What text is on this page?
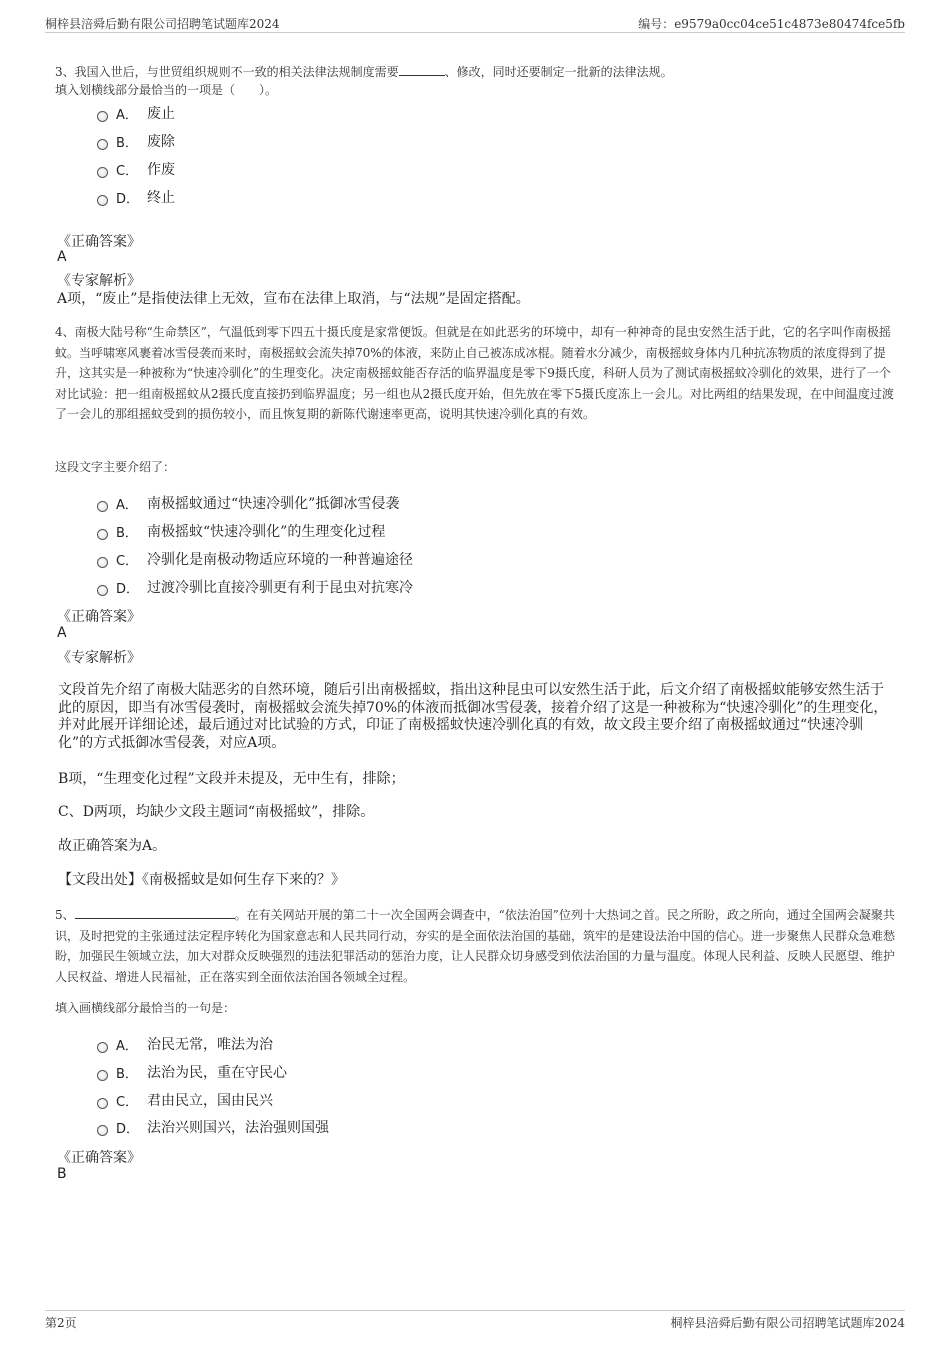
桐梓县涪舜后勤有限公司招聘笔试题库2024	编号：e9579a0cc04ce51c4873e80474fce5fb
3、我国入世后，与世贸组织规则不一致的相关法律法规制度需要	、修改，同时还要制定一批新的法律法规。
填入划横线部分最恰当的一项是（　　）。
A． 废止
B． 废除
C． 作废
D． 终止
《正确答案》
A
《专家解析》
A项，“废止”是指使法律上无效，宣布在法律上取消，与“法规”是固定搭配。
4、南极大陆号称“生命禁区”，气温低到零下四五十摄氏度是家常便饭。但就是在如此恶劣的环境中，却有一种神奇的昆虫安然生活于此，它的名字叫作南极摇蚊。当呼啸寒风裹着冰雪侵袭而来时，南极摇蚊会流失掉70%的体液，来防止自己被冻成冰棍。随着水分减少，南极摇蚊身体内几种抗冻物质的浓度得到了提升，这其实是一种被称为“快速冷驯化”的生理变化。决定南极摇蚊能否存活的临界温度是零下9摄氏度，科研人员为了测试南极摇蚊冷驯化的效果，进行了一个对比试验：把一组南极摇蚊从2摄氏度直接扔到临界温度；另一组也从2摄氏度开始，但先放在零下5摄氏度冻上一会儿。对比两组的结果发现，在中间温度过渡了一会儿的那组摇蚊受到的损伤较小，而且恢复期的新陈代谢速率更高，说明其快速冷驯化真的有效。
这段文字主要介绍了：
A． 南极摇蚊通过“快速冷驯化”抵御冰雪侵袭
B． 南极摇蚊“快速冷驯化”的生理变化过程
C． 冷驯化是南极动物适应环境的一种普遍途径
D． 过渡冷驯比直接冷驯更有利于昆虫对抗寒冷
《正确答案》
A
《专家解析》
文段首先介绍了南极大陆恶劣的自然环境，随后引出南极摇蚊，指出这种昆虫可以安然生活于此，后文介绍了南极摇蚊能够安然生活于此的原因，即当有冰雪侵袭时，南极摇蚊会流失掉70%的体液而抵御冰雪侵袭，接着介绍了这是一种被称为“快速冷驯化”的生理变化，并对此展开详细论述，最后通过对比试验的方式，印证了南极摇蚊快速冷驯化真的有效，故文段主要介绍了南极摇蚊通过“快速冷驯化”的方式抵御冰雪侵袭，对应A项。
B项，“生理变化过程”文段并未提及，无中生有，排除；
C、D两项，均缺少文段主题词“南极摇蚊”，排除。
故正确答案为A。
【文段出处】《南极摇蚊是如何生存下来的？》
5、	。在有关网站开展的第二十一次全国两会调查中，“依法治国”位列十大热词之首。民之所盼，政之所向，通过全国两会凝聚共识，及时把党的主张通过法定程序转化为国家意志和人民共同行动，夯实的是全面依法治国的基础，筑牢的是建设法治中国的信心。进一步聚焦人民群众急难愁盼，加强民生领域立法，加大对群众反映强烈的违法犯罪活动的惩治力度，让人民群众切身感受到依法治国的力量与温度。体现人民利益、反映人民愿望、维护人民权益、增进人民福祉，正在落实到全面依法治国各领域全过程。
填入画横线部分最恰当的一句是：
A． 治民无常，唯法为治
B． 法治为民，重在守民心
C． 君由民立，国由民兴
D． 法治兴则国兴，法治强则国强
《正确答案》
B
第2页	桐梓县涪舜后勤有限公司招聘笔试题库2024
